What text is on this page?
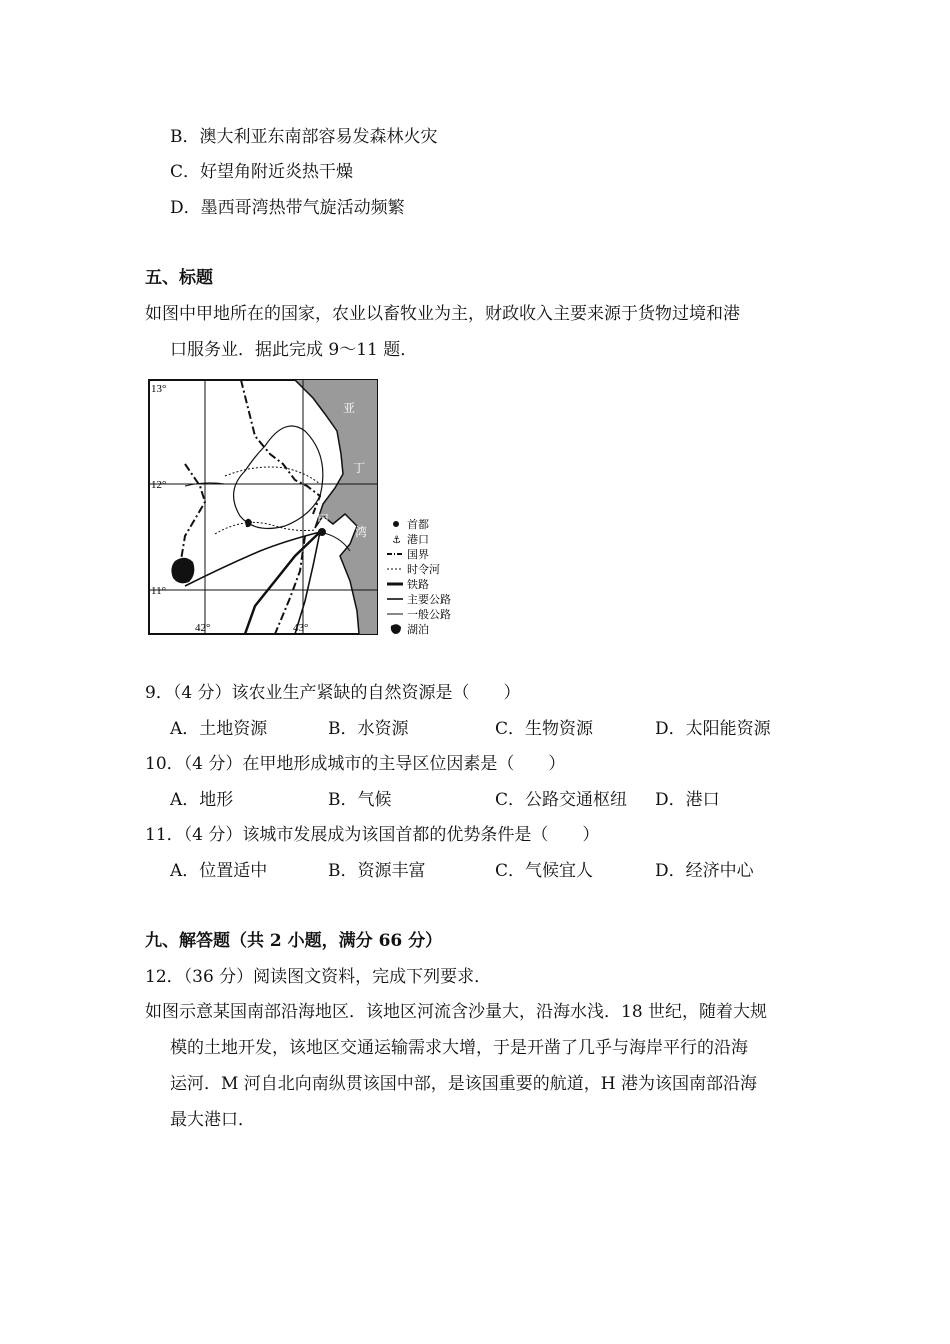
B．澳大利亚东南部容易发森林火灾
C．好望角附近炎热干燥
D．墨西哥湾热带气旋活动频繁
五、标题
如图中甲地所在的国家，农业以畜牧业为主，财政收入主要来源于货物过境和港
口服务业．据此完成 9～11 题．
13°
12°
11°
42°	43°
亚
丁
湾
甲	首都
⚓ 港口
国界
时令河
铁路
主要公路
一般公路
湖泊
9．（4 分）该农业生产紧缺的自然资源是（　　）
A．土地资源	B．水资源	C．生物资源	D．太阳能资源
10．（4 分）在甲地形成城市的主导区位因素是（　　）
A．地形	B．气候	C．公路交通枢纽 D．港口
11．（4 分）该城市发展成为该国首都的优势条件是（　　）
A．位置适中	B．资源丰富	C．气候宜人	D．经济中心
九、解答题（共 2 小题，满分 66 分）
12．（36 分）阅读图文资料，完成下列要求．
如图示意某国南部沿海地区．该地区河流含沙量大，沿海水浅．18 世纪，随着大规
模的土地开发，该地区交通运输需求大增，于是开凿了几乎与海岸平行的沿海
运河．M 河自北向南纵贯该国中部，是该国重要的航道，H 港为该国南部沿海
最大港口．
